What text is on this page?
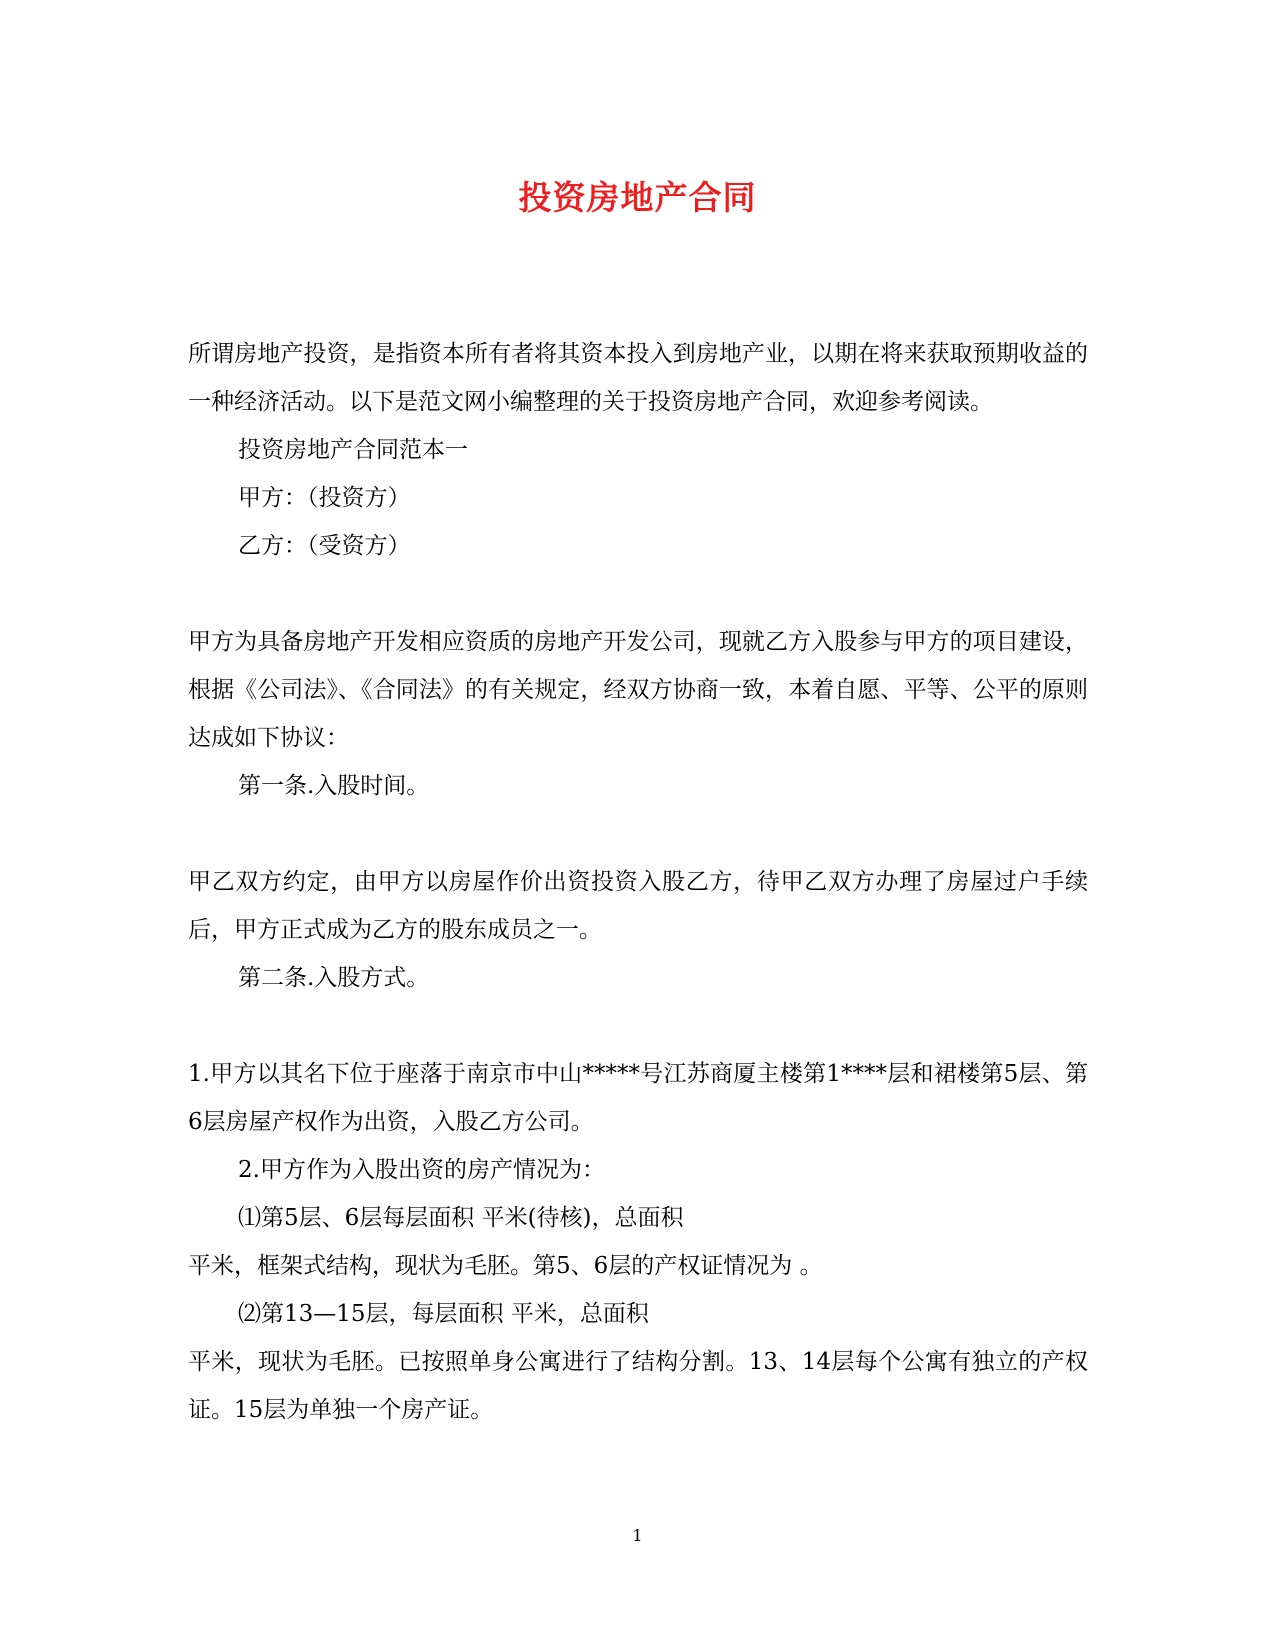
投资房地产合同

所谓房地产投资，是指资本所有者将其资本投入到房地产业，以期在将来获取预期收益的一种经济活动。以下是范文网小编整理的关于投资房地产合同，欢迎参考阅读。

投资房地产合同范本一

甲方：（投资方）

乙方：（受资方）

甲方为具备房地产开发相应资质的房地产开发公司，现就乙方入股参与甲方的项目建设，根据《公司法》、《合同法》的有关规定，经双方协商一致，本着自愿、平等、公平的原则达成如下协议：

第一条.入股时间。

甲乙双方约定，由甲方以房屋作价出资投资入股乙方，待甲乙双方办理了房屋过户手续后，甲方正式成为乙方的股东成员之一。

第二条.入股方式。

1.甲方以其名下位于座落于南京市中山*****号江苏商厦主楼第1****层和裙楼第5层、第6层房屋产权作为出资，入股乙方公司。

2.甲方作为入股出资的房产情况为：

⑴第5层、6层每层面积 平米(待核)，总面积

平米，框架式结构，现状为毛胚。第5、6层的产权证情况为 。

⑵第13—15层，每层面积 平米，总面积

平米，现状为毛胚。已按照单身公寓进行了结构分割。13、14层每个公寓有独立的产权证。15层为单独一个房产证。

1
